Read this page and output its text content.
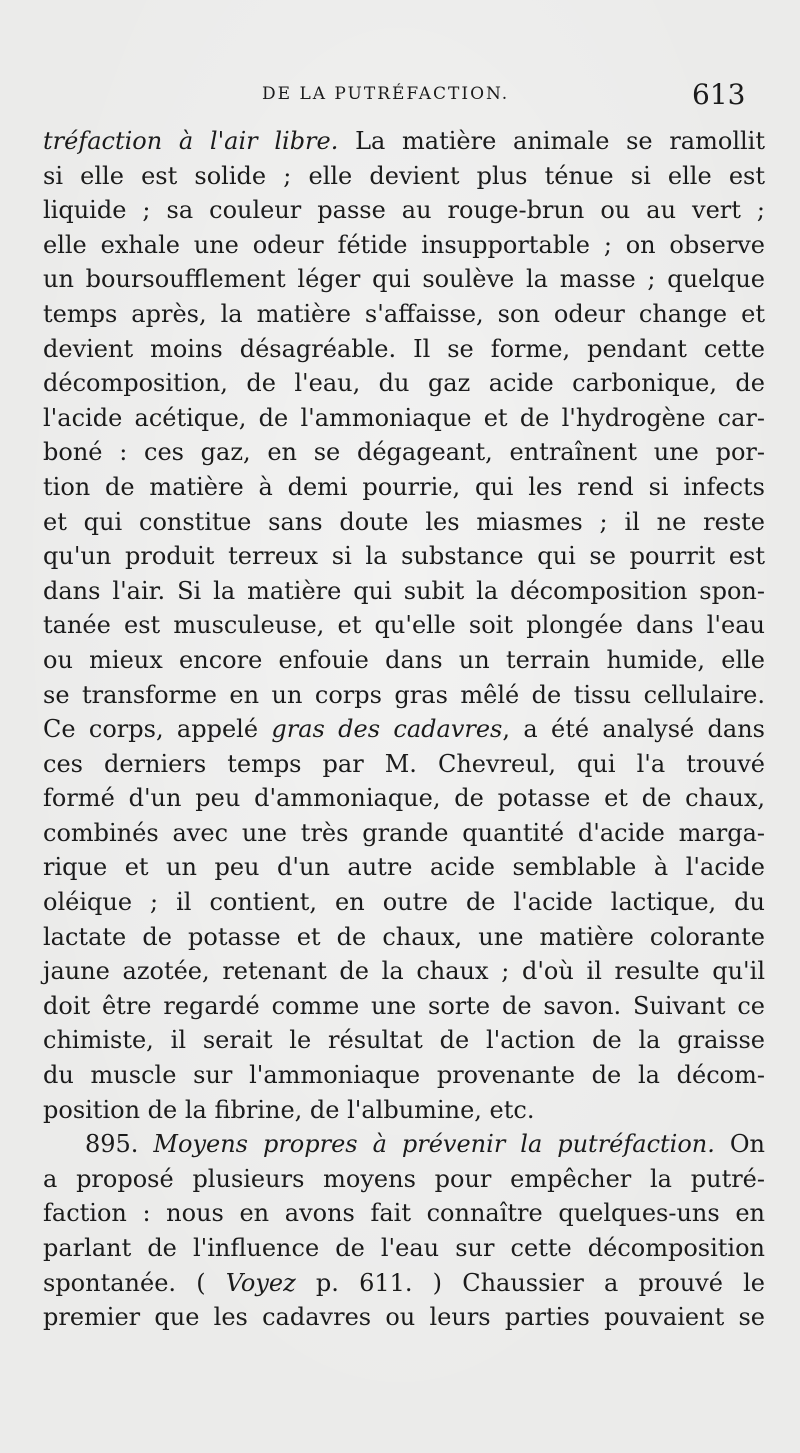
DE LA PUTRÉFACTION.	613
tréfaction à l'air libre. La matière animale se ramollit
si elle est solide ; elle devient plus ténue si elle est
liquide ; sa couleur passe au rouge-brun ou au vert ;
elle exhale une odeur fétide insupportable ; on observe
un boursoufflement léger qui soulève la masse ; quelque
temps après, la matière s'affaisse, son odeur change et
devient moins désagréable. Il se forme, pendant cette
décomposition, de l'eau, du gaz acide carbonique, de
l'acide acétique, de l'ammoniaque et de l'hydrogène car-
boné : ces gaz, en se dégageant, entraînent une por-
tion de matière à demi pourrie, qui les rend si infects
et qui constitue sans doute les miasmes ; il ne reste
qu'un produit terreux si la substance qui se pourrit est
dans l'air. Si la matière qui subit la décomposition spon-
tanée est musculeuse, et qu'elle soit plongée dans l'eau
ou mieux encore enfouie dans un terrain humide, elle
se transforme en un corps gras mêlé de tissu cellulaire.
Ce corps, appelé gras des cadavres, a été analysé dans
ces derniers temps par M. Chevreul, qui l'a trouvé
formé d'un peu d'ammoniaque, de potasse et de chaux,
combinés avec une très grande quantité d'acide marga-
rique et un peu d'un autre acide semblable à l'acide
oléique ; il contient, en outre de l'acide lactique, du
lactate de potasse et de chaux, une matière colorante
jaune azotée, retenant de la chaux ; d'où il resulte qu'il
doit être regardé comme une sorte de savon. Suivant ce
chimiste, il serait le résultat de l'action de la graisse
du muscle sur l'ammoniaque provenante de la décom-
position de la fibrine, de l'albumine, etc.
895. Moyens propres à prévenir la putréfaction. On
a proposé plusieurs moyens pour empêcher la putré-
faction : nous en avons fait connaître quelques-uns en
parlant de l'influence de l'eau sur cette décomposition
spontanée. ( Voyez p. 611. ) Chaussier a prouvé le
premier que les cadavres ou leurs parties pouvaient se
